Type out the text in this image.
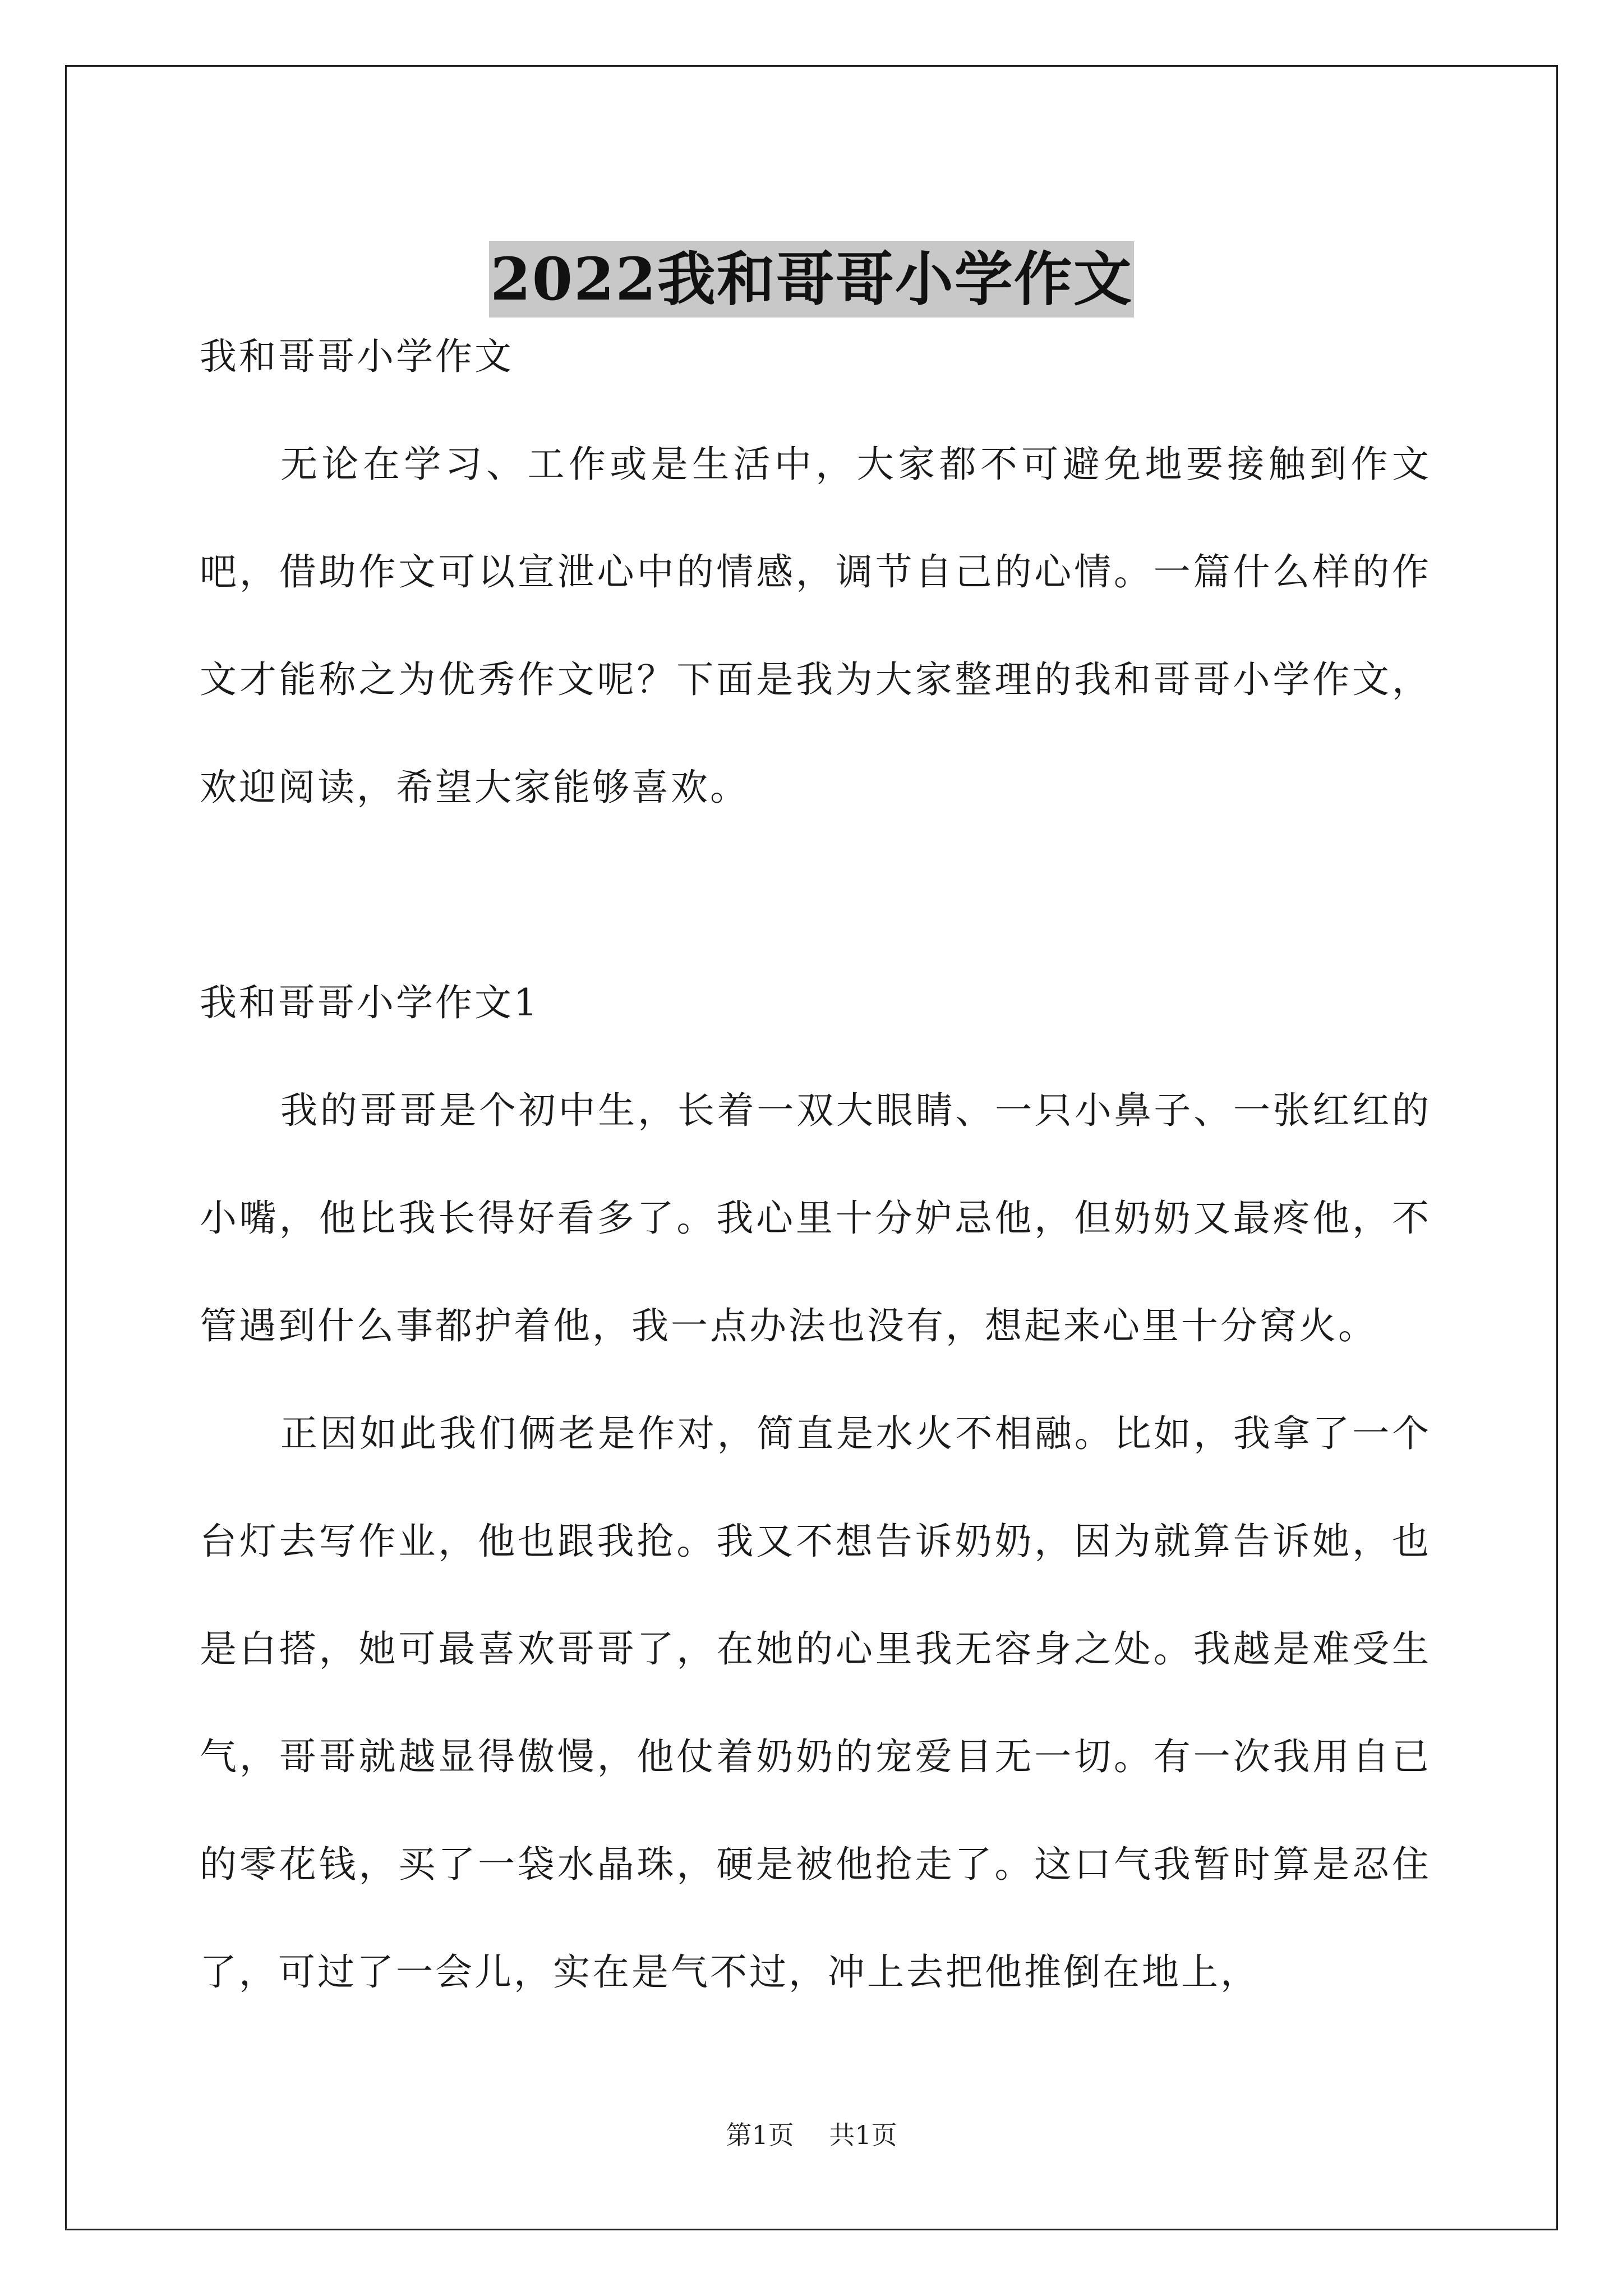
2022我和哥哥小学作文

我和哥哥小学作文

无论在学习、工作或是生活中，大家都不可避免地要接触到作文吧，借助作文可以宣泄心中的情感，调节自己的心情。一篇什么样的作文才能称之为优秀作文呢？下面是我为大家整理的我和哥哥小学作文，欢迎阅读，希望大家能够喜欢。

我和哥哥小学作文1

我的哥哥是个初中生，长着一双大眼睛、一只小鼻子、一张红红的小嘴，他比我长得好看多了。我心里十分妒忌他，但奶奶又最疼他，不管遇到什么事都护着他，我一点办法也没有，想起来心里十分窝火。

正因如此我们俩老是作对，简直是水火不相融。比如，我拿了一个台灯去写作业，他也跟我抢。我又不想告诉奶奶，因为就算告诉她，也是白搭，她可最喜欢哥哥了，在她的心里我无容身之处。我越是难受生气，哥哥就越显得傲慢，他仗着奶奶的宠爱目无一切。有一次我用自已的零花钱，买了一袋水晶珠，硬是被他抢走了。这口气我暂时算是忍住了，可过了一会儿，实在是气不过，冲上去把他推倒在地上，

第1页 共1页
